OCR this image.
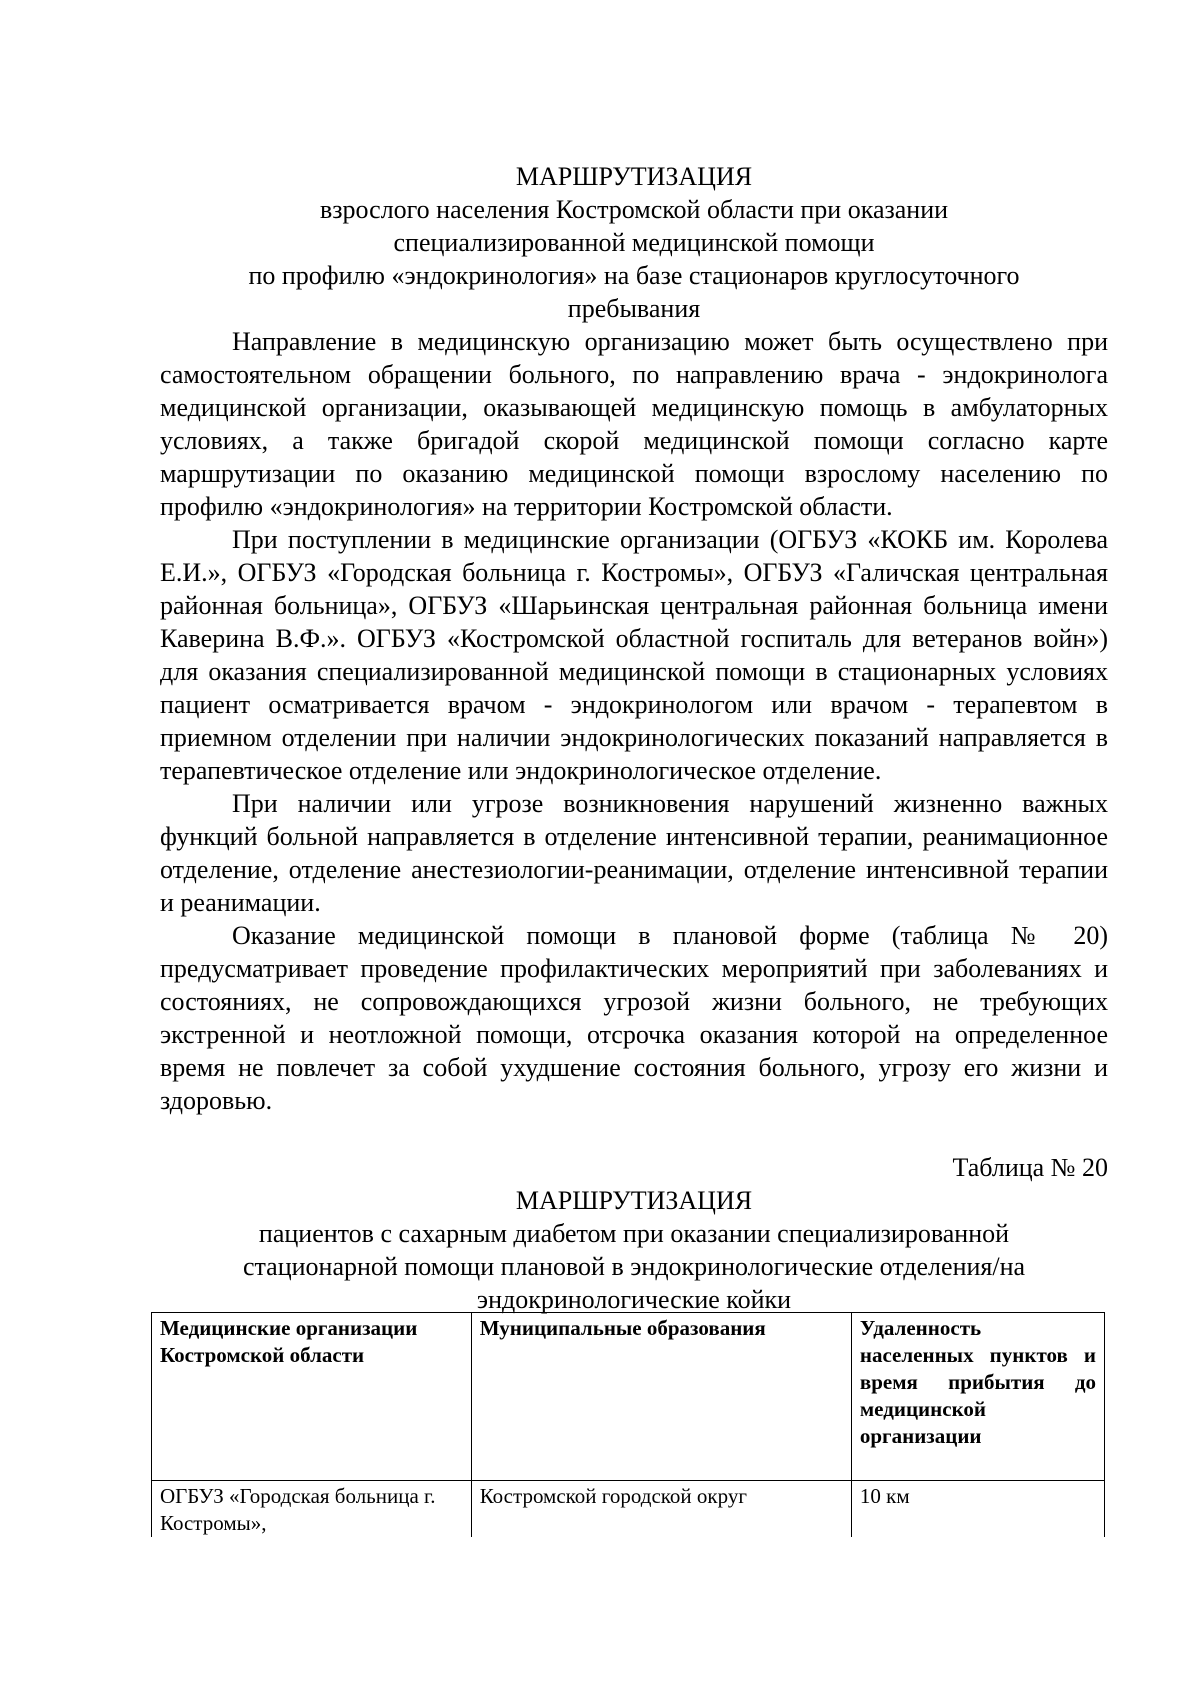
МАРШРУТИЗАЦИЯ
взрослого населения Костромской области при оказании
специализированной медицинской помощи
по профилю «эндокринология» на базе стационаров круглосуточного
пребывания

Направление в медицинскую организацию может быть осуществлено при самостоятельном обращении больного, по направлению врача - эндокринолога медицинской организации, оказывающей медицинскую помощь в амбулаторных условиях, а также бригадой скорой медицинской помощи согласно карте маршрутизации по оказанию медицинской помощи взрослому населению по профилю «эндокринология» на территории Костромской области.

При поступлении в медицинские организации (ОГБУЗ «КОКБ им. Королева Е.И.», ОГБУЗ «Городская больница г. Костромы», ОГБУЗ «Галичская центральная районная больница», ОГБУЗ «Шарьинская центральная районная больница имени Каверина В.Ф.». ОГБУЗ «Костромской областной госпиталь для ветеранов войн») для оказания специализированной медицинской помощи в стационарных условиях пациент осматривается врачом - эндокринологом или врачом - терапевтом в приемном отделении при наличии эндокринологических показаний направляется в терапевтическое отделение или эндокринологическое отделение.

При наличии или угрозе возникновения нарушений жизненно важных функций больной направляется в отделение интенсивной терапии, реанимационное отделение, отделение анестезиологии-реанимации, отделение интенсивной терапии и реанимации.

Оказание медицинской помощи в плановой форме (таблица № 20) предусматривает проведение профилактических мероприятий при заболеваниях и состояниях, не сопровождающихся угрозой жизни больного, не требующих экстренной и неотложной помощи, отсрочка оказания которой на определенное время не повлечет за собой ухудшение состояния больного, угрозу его жизни и здоровью.

Таблица № 20
МАРШРУТИЗАЦИЯ
пациентов с сахарным диабетом при оказании специализированной
стационарной помощи плановой в эндокринологические отделения/на
эндокринологические койки
Медицинские организации Костромской области	Муниципальные образования	Удаленность населенных пунктов и время прибытия до медицинской организации
ОГБУЗ «Городская больница г. Костромы»,	Костромской городской округ	10 км
